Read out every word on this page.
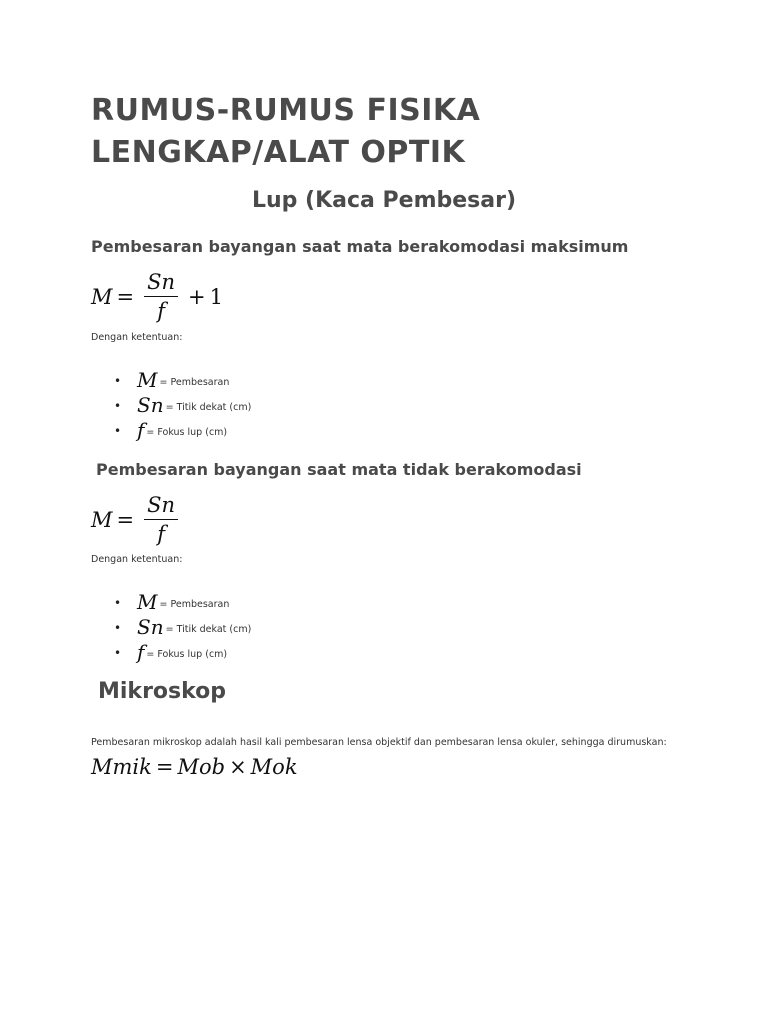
RUMUS-RUMUS FISIKA
LENGKAP/ALAT OPTIK
Lup (Kaca Pembesar)
Pembesaran bayangan saat mata berakomodasi maksimum
$M = \frac{Sn}{f} + 1$

Dengan ketentuan:

• M = Pembesaran
• Sn = Titik dekat (cm)
• f = Fokus lup (cm)
Pembesaran bayangan saat mata tidak berakomodasi
$M = \frac{Sn}{f}$

Dengan ketentuan:

• M = Pembesaran
• Sn = Titik dekat (cm)
• f = Fokus lup (cm)
Mikroskop

Pembesaran mikroskop adalah hasil kali pembesaran lensa objektif dan pembesaran lensa okuler, sehingga dirumuskan:

Mmik = Mob × Mok
